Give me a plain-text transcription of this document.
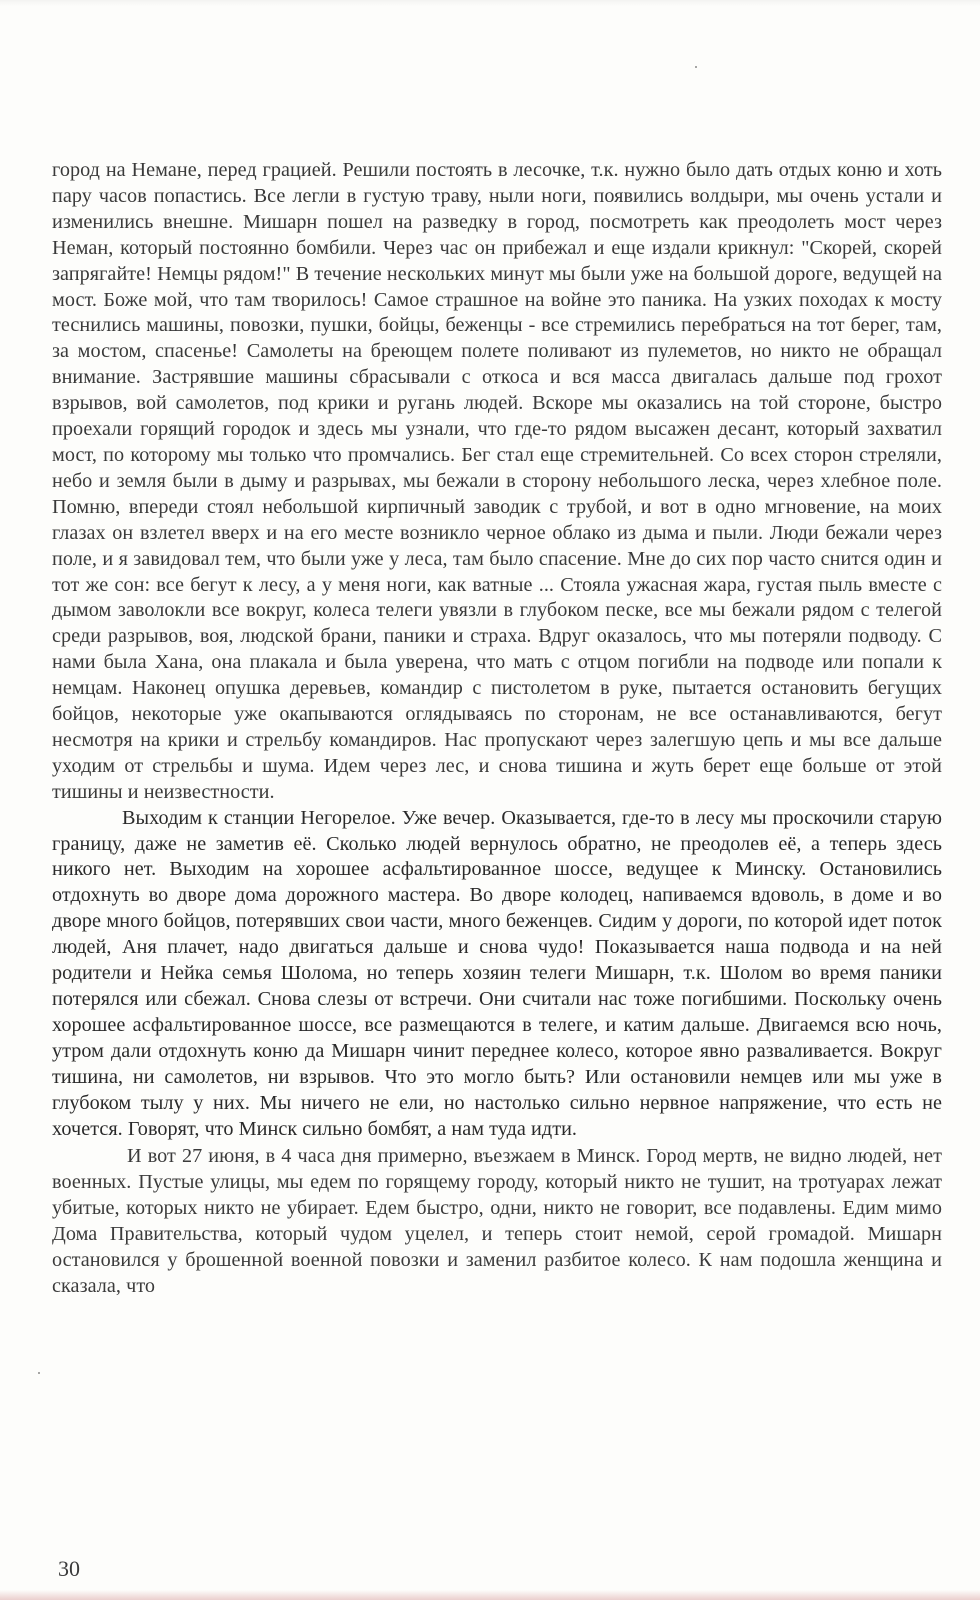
город на Немане, перед грацией. Решили постоять в лесочке, т.к. нужно было дать отдых коню и хоть пару часов попастись. Все легли в густую траву, ныли ноги, появились волдыри, мы очень устали и изменились внешне. Мишарн пошел на разведку в город, посмотреть как преодолеть мост через Неман, который постоянно бомбили. Через час он прибежал и еще издали крикнул: "Скорей, скорей запрягайте! Немцы рядом!" В течение нескольких минут мы были уже на большой дороге, ведущей на мост. Боже мой, что там творилось! Самое страшное на войне это паника. На узких походах к мосту теснились машины, повозки, пушки, бойцы, беженцы - все стремились перебраться на тот берег, там, за мостом, спасенье! Самолеты на бреющем полете поливают из пулеметов, но никто не обращал внимание. Застрявшие машины сбрасывали с откоса и вся масса двигалась дальше под грохот взрывов, вой самолетов, под крики и ругань людей. Вскоре мы оказались на той стороне, быстро проехали горящий городок и здесь мы узнали, что где-то рядом высажен десант, который захватил мост, по которому мы только что промчались. Бег стал еще стремительней. Со всех сторон стреляли, небо и земля были в дыму и разрывах, мы бежали в сторону небольшого леска, через хлебное поле. Помню, впереди стоял небольшой кирпичный заводик с трубой, и вот в одно мгновение, на моих глазах он взлетел вверх и на его месте возникло черное облако из дыма и пыли. Люди бежали через поле, и я завидовал тем, что были уже у леса, там было спасение. Мне до сих пор часто снится один и тот же сон: все бегут к лесу, а у меня ноги, как ватные ... Стояла ужасная жара, густая пыль вместе с дымом заволокли все вокруг, колеса телеги увязли в глубоком песке, все мы бежали рядом с телегой среди разрывов, воя, людской брани, паники и страха. Вдруг оказалось, что мы потеряли подводу. С нами была Хана, она плакала и была уверена, что мать с отцом погибли на подводе или попали к немцам. Наконец опушка деревьев, командир с пистолетом в руке, пытается остановить бегущих бойцов, некоторые уже окапываются оглядываясь по сторонам, не все останавливаются, бегут несмотря на крики и стрельбу командиров. Нас пропускают через залегшую цепь и мы все дальше уходим от стрельбы и шума. Идем через лес, и снова тишина и жуть берет еще больше от этой тишины и неизвестности.

Выходим к станции Негорелое. Уже вечер. Оказывается, где-то в лесу мы проскочили старую границу, даже не заметив её. Сколько людей вернулось обратно, не преодолев её, а теперь здесь никого нет. Выходим на хорошее асфальтированное шоссе, ведущее к Минску. Остановились отдохнуть во дворе дома дорожного мастера. Во дворе колодец, напиваемся вдоволь, в доме и во дворе много бойцов, потерявших свои части, много беженцев. Сидим у дороги, по которой идет поток людей, Аня плачет, надо двигаться дальше и снова чудо! Показывается наша подвода и на ней родители и Нейка семья Шолома, но теперь хозяин телеги Мишарн, т.к. Шолом во время паники потерялся или сбежал. Снова слезы от встречи. Они считали нас тоже погибшими. Поскольку очень хорошее асфальтированное шоссе, все размещаются в телеге, и катим дальше. Двигаемся всю ночь, утром дали отдохнуть коню да Мишарн чинит переднее колесо, которое явно разваливается. Вокруг тишина, ни самолетов, ни взрывов. Что это могло быть? Или остановили немцев или мы уже в глубоком тылу у них. Мы ничего не ели, но настолько сильно нервное напряжение, что есть не хочется. Говорят, что Минск сильно бомбят, а нам туда идти.

И вот 27 июня, в 4 часа дня примерно, въезжаем в Минск. Город мертв, не видно людей, нет военных. Пустые улицы, мы едем по горящему городу, который никто не тушит, на тротуарах лежат убитые, которых никто не убирает. Едем быстро, одни, никто не говорит, все подавлены. Едим мимо Дома Правительства, который чудом уцелел, и теперь стоит немой, серой громадой. Мишарн остановился у брошенной военной повозки и заменил разбитое колесо. К нам подошла женщина и сказала, что

30
